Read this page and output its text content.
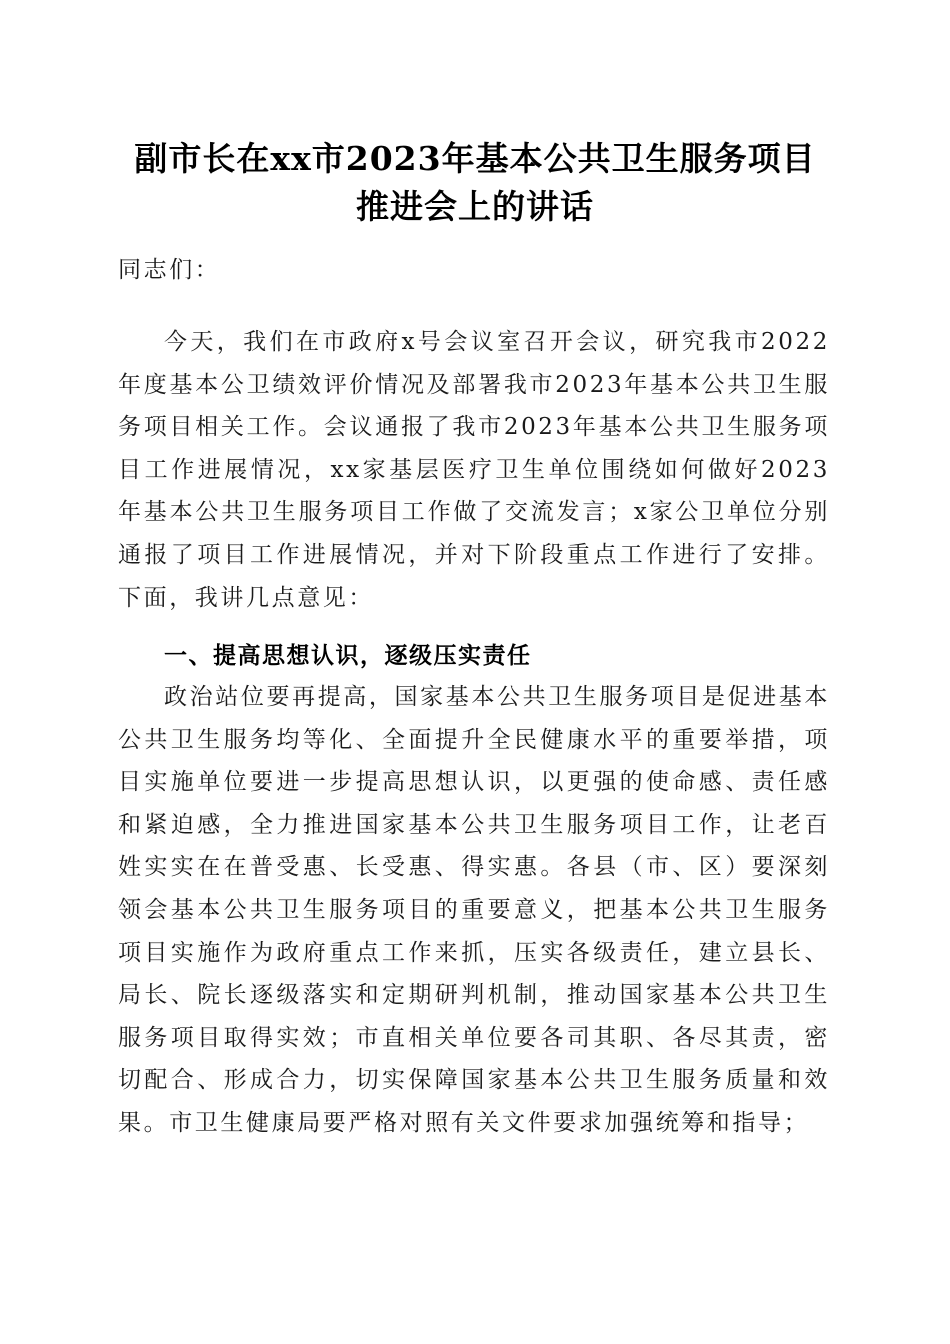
副市长在xx市2023年基本公共卫生服务项目
推进会上的讲话

同志们：

今天，我们在市政府x号会议室召开会议，研究我市2022年度基本公卫绩效评价情况及部署我市2023年基本公共卫生服务项目相关工作。会议通报了我市2023年基本公共卫生服务项目工作进展情况，xx家基层医疗卫生单位围绕如何做好2023年基本公共卫生服务项目工作做了交流发言；x家公卫单位分别通报了项目工作进展情况，并对下阶段重点工作进行了安排。下面，我讲几点意见：

一、提高思想认识，逐级压实责任

政治站位要再提高，国家基本公共卫生服务项目是促进基本公共卫生服务均等化、全面提升全民健康水平的重要举措，项目实施单位要进一步提高思想认识，以更强的使命感、责任感和紧迫感，全力推进国家基本公共卫生服务项目工作，让老百姓实实在在普受惠、长受惠、得实惠。各县（市、区）要深刻领会基本公共卫生服务项目的重要意义，把基本公共卫生服务项目实施作为政府重点工作来抓，压实各级责任，建立县长、局长、院长逐级落实和定期研判机制，推动国家基本公共卫生服务项目取得实效；市直相关单位要各司其职、各尽其责，密切配合、形成合力，切实保障国家基本公共卫生服务质量和效果。市卫生健康局要严格对照有关文件要求加强统筹和指导；
